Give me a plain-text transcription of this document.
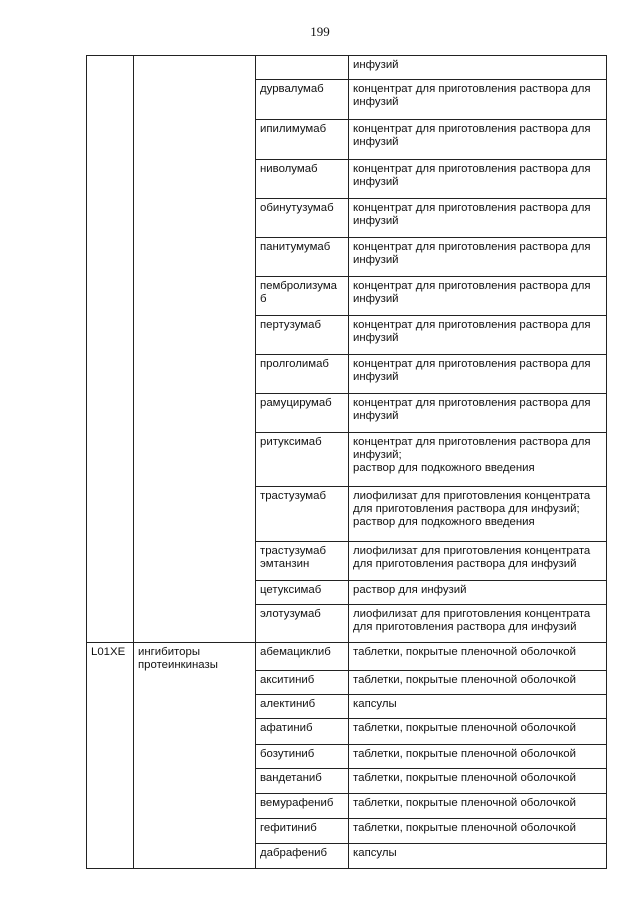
199
			инфузий
		дурвалумаб	концентрат для приготовления раствора для
инфузий
		ипилимумаб	концентрат для приготовления раствора для
инфузий
		ниволумаб	концентрат для приготовления раствора для
инфузий
		обинутузумаб	концентрат для приготовления раствора для
инфузий
		панитумумаб	концентрат для приготовления раствора для
инфузий
		пембролизума
б	концентрат для приготовления раствора для
инфузий
		пертузумаб	концентрат для приготовления раствора для
инфузий
		пролголимаб	концентрат для приготовления раствора для
инфузий
		рамуцирумаб	концентрат для приготовления раствора для
инфузий
		ритуксимаб	концентрат для приготовления раствора для
инфузий;
раствор для подкожного введения
		трастузумаб	лиофилизат для приготовления концентрата
для приготовления раствора для инфузий;
раствор для подкожного введения
		трастузумаб
эмтанзин	лиофилизат для приготовления концентрата
для приготовления раствора для инфузий
		цетуксимаб	раствор для инфузий
		элотузумаб	лиофилизат для приготовления концентрата
для приготовления раствора для инфузий
L01XE	ингибиторы
протеинкиназы	абемациклиб	таблетки, покрытые пленочной оболочкой
		акситиниб	таблетки, покрытые пленочной оболочкой
		алектиниб	капсулы
		афатиниб	таблетки, покрытые пленочной оболочкой
		бозутиниб	таблетки, покрытые пленочной оболочкой
		вандетаниб	таблетки, покрытые пленочной оболочкой
		вемурафениб	таблетки, покрытые пленочной оболочкой
		гефитиниб	таблетки, покрытые пленочной оболочкой
		дабрафениб	капсулы
